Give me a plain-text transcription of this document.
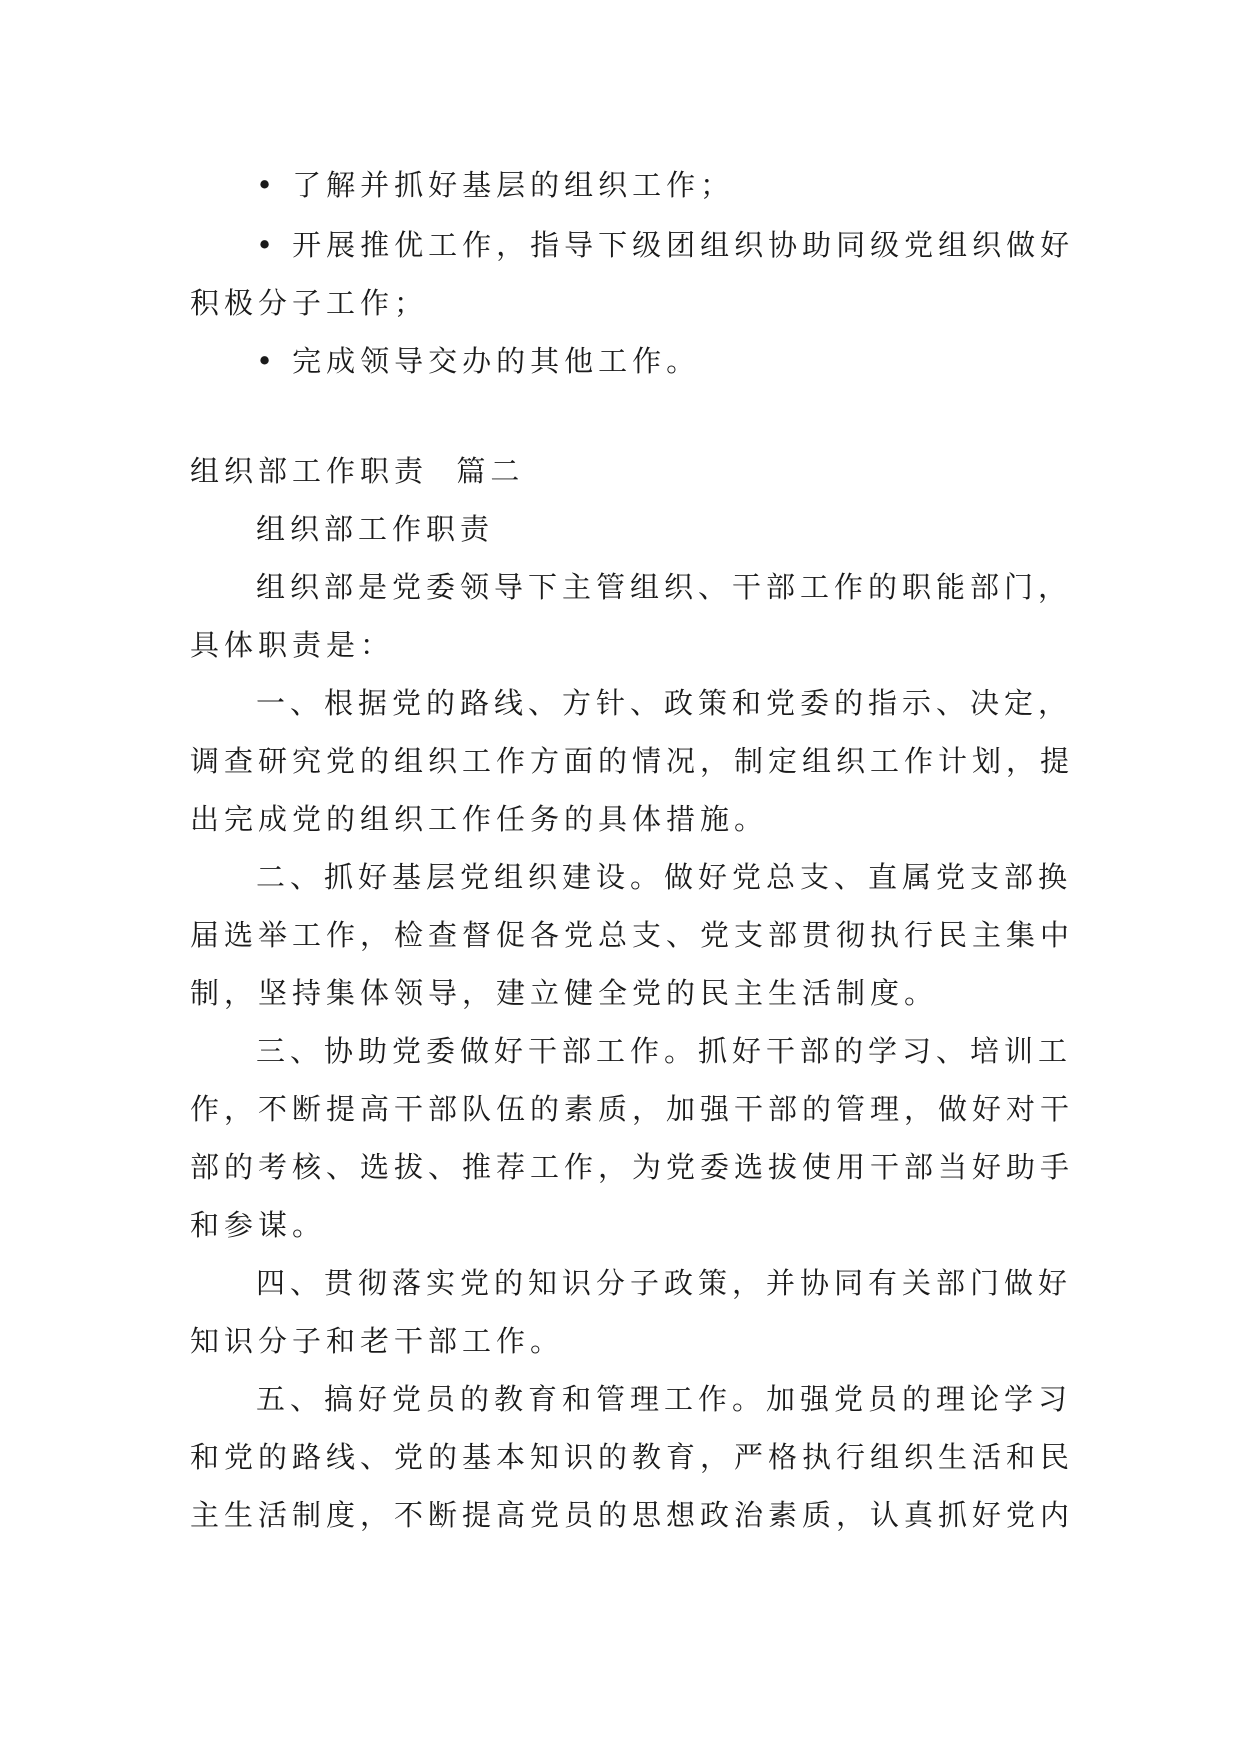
• 了解并抓好基层的组织工作；
• 开展推优工作，指导下级团组织协助同级党组织做好
积极分子工作；
• 完成领导交办的其他工作。
组织部工作职责  篇二
组织部工作职责
组织部是党委领导下主管组织、干部工作的职能部门，
具体职责是：
一、根据党的路线、方针、政策和党委的指示、决定，
调查研究党的组织工作方面的情况，制定组织工作计划，提
出完成党的组织工作任务的具体措施。
二、抓好基层党组织建设。做好党总支、直属党支部换
届选举工作，检查督促各党总支、党支部贯彻执行民主集中
制，坚持集体领导，建立健全党的民主生活制度。
三、协助党委做好干部工作。抓好干部的学习、培训工
作，不断提高干部队伍的素质，加强干部的管理，做好对干
部的考核、选拔、推荐工作，为党委选拔使用干部当好助手
和参谋。
四、贯彻落实党的知识分子政策，并协同有关部门做好
知识分子和老干部工作。
五、搞好党员的教育和管理工作。加强党员的理论学习
和党的路线、党的基本知识的教育，严格执行组织生活和民
主生活制度，不断提高党员的思想政治素质，认真抓好党内
